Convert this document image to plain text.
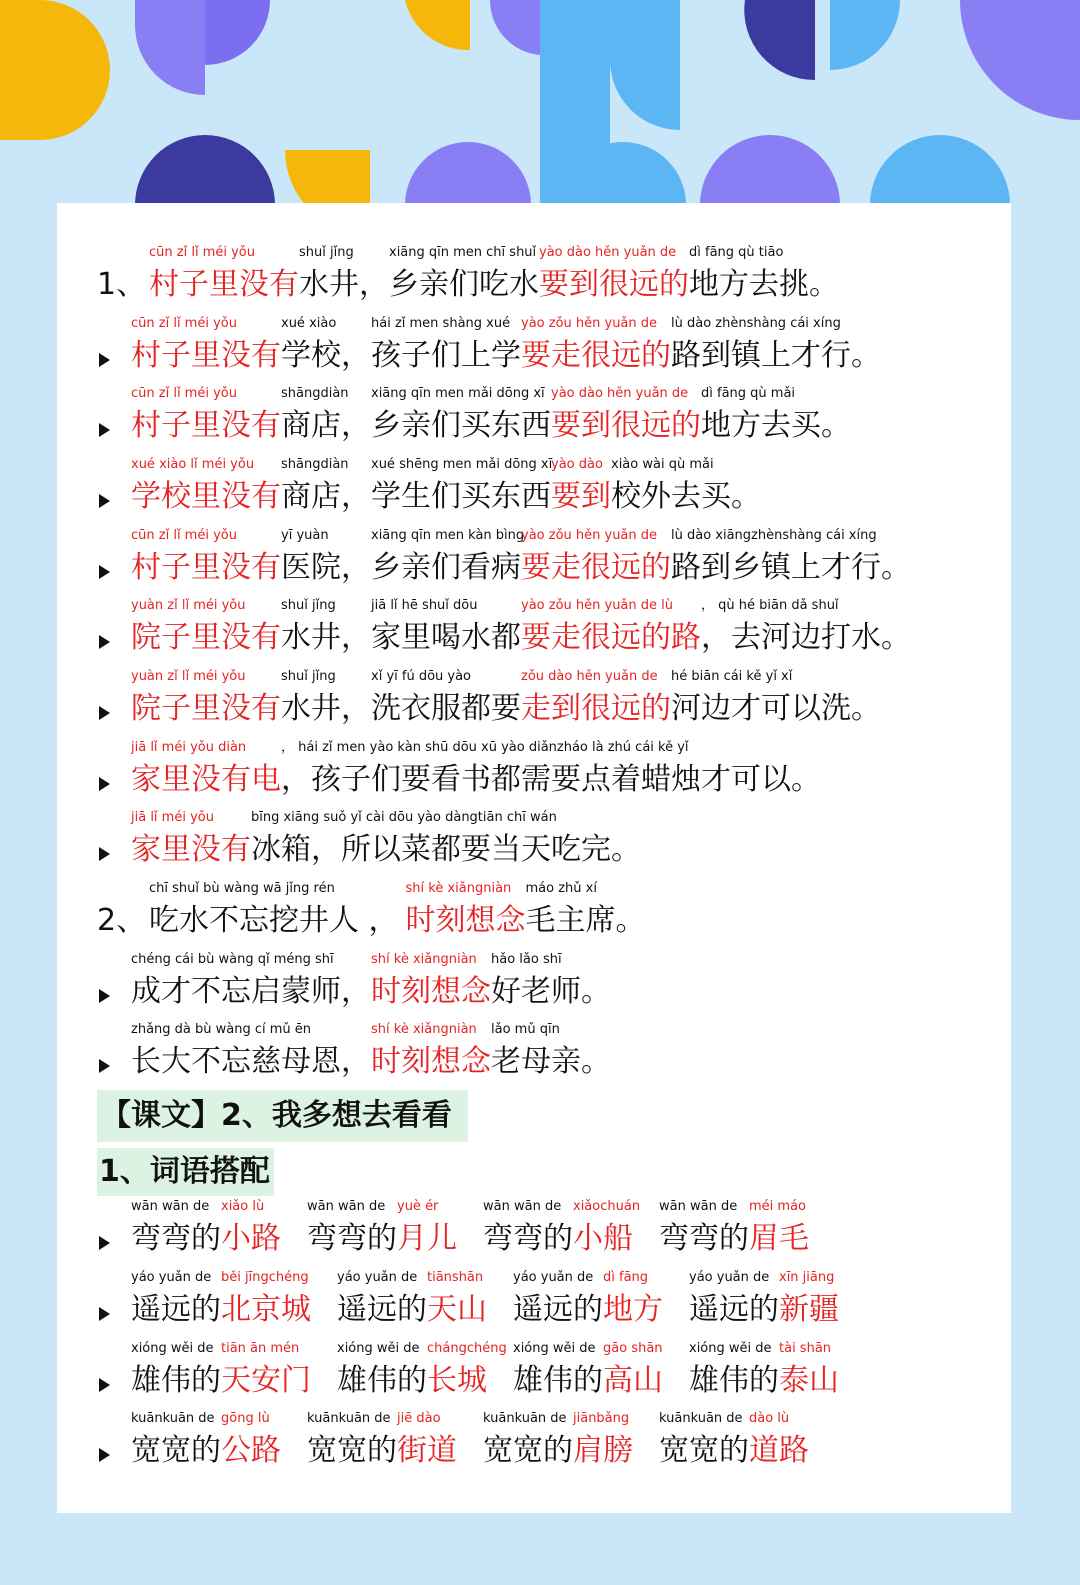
1、
cūn zǐ lǐ méi yǒu
村子里没有
shuǐ jǐng
水井，
xiāng qīn men chī shuǐ
乡亲们吃水
yào dào hěn yuǎn de
要到很远的
dì fāng qù tiāo
地方去挑。
cūn zǐ lǐ méi yǒu
村子里没有
xué xiào
学校，
hái zǐ men shàng xué
孩子们上学
yào zǒu hěn yuǎn de
要走很远的
lù dào zhènshàng cái xíng
路到镇上才行。
cūn zǐ lǐ méi yǒu
村子里没有
shāngdiàn
商店，
xiāng qīn men mǎi dōng xī
乡亲们买东西
yào dào hěn yuǎn de
要到很远的
dì fāng qù mǎi
地方去买。
xué xiào lǐ méi yǒu
学校里没有
shāngdiàn
商店，
xué shēng men mǎi dōng xī
学生们买东西
yào dào
要到
xiào wài qù mǎi
校外去买。
cūn zǐ lǐ méi yǒu
村子里没有
yī yuàn
医院，
xiāng qīn men kàn bìng
乡亲们看病
yào zǒu hěn yuǎn de
要走很远的
lù dào xiāngzhènshàng cái xíng
路到乡镇上才行。
yuàn zǐ lǐ méi yǒu
院子里没有
shuǐ jǐng
水井，
jiā lǐ hē shuǐ dōu
家里喝水都
yào zǒu hěn yuǎn de lù
要走很远的路
， qù hé biān dǎ shuǐ
，去河边打水。
yuàn zǐ lǐ méi yǒu
院子里没有
shuǐ jǐng
水井，
xǐ yī fú dōu yào
洗衣服都要
zǒu dào hěn yuǎn de
走到很远的
hé biān cái kě yǐ xǐ
河边才可以洗。
jiā lǐ méi yǒu diàn
家里没有电
， hái zǐ men yào kàn shū dōu xū yào diǎnzháo là zhú cái kě yǐ
，孩子们要看书都需要点着蜡烛才可以。
jiā lǐ méi yǒu
家里没有
bīng xiāng suǒ yǐ cài dōu yào dàngtiān chī wán
冰箱，所以菜都要当天吃完。
2、
chī shuǐ bù wàng wā jǐng rén
吃水不忘挖井人 ，
shí kè xiǎngniàn
时刻想念
máo zhǔ xí
毛主席。
chéng cái bù wàng qǐ méng shī
成才不忘启蒙师，
shí kè xiǎngniàn
时刻想念
hǎo lǎo shī
好老师。
zhǎng dà bù wàng cí mǔ ēn
长大不忘慈母恩，
shí kè xiǎngniàn
时刻想念
lǎo mǔ qīn
老母亲。
wān wān de
弯弯的
xiǎo lù
小路
wān wān de
弯弯的
yuè ér
月儿
wān wān de
弯弯的
xiǎochuán
小船
wān wān de
弯弯的
méi máo
眉毛
yáo yuǎn de
遥远的
běi jīngchéng
北京城
yáo yuǎn de
遥远的
tiānshān
天山
yáo yuǎn de
遥远的
dì fāng
地方
yáo yuǎn de
遥远的
xīn jiāng
新疆
xióng wěi de
雄伟的
tiān ān mén
天安门
xióng wěi de
雄伟的
chángchéng
长城
xióng wěi de
雄伟的
gāo shān
高山
xióng wěi de
雄伟的
tài shān
泰山
kuānkuān de
宽宽的
gōng lù
公路
kuānkuān de
宽宽的
jiē dào
街道
kuānkuān de
宽宽的
jiānbǎng
肩膀
kuānkuān de
宽宽的
dào lù
道路
【课文】2、我多想去看看
1、词语搭配
